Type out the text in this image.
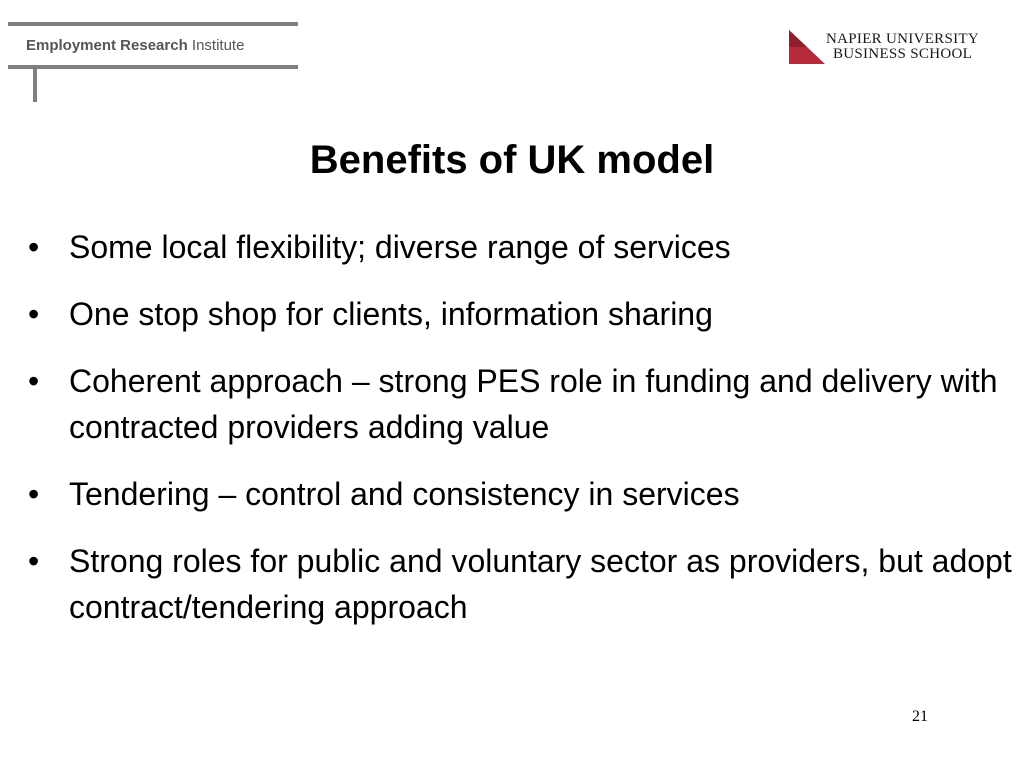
Employment Research Institute	NAPIER UNIVERSITY
BUSINESS SCHOOL
Benefits of UK model
• Some local flexibility; diverse range of services
• One stop shop for clients, information sharing
• Coherent approach – strong PES role in funding and delivery with contracted providers adding value
• Tendering – control and consistency in services
• Strong roles for public and voluntary sector as providers, but adopt contract/tendering approach
21
